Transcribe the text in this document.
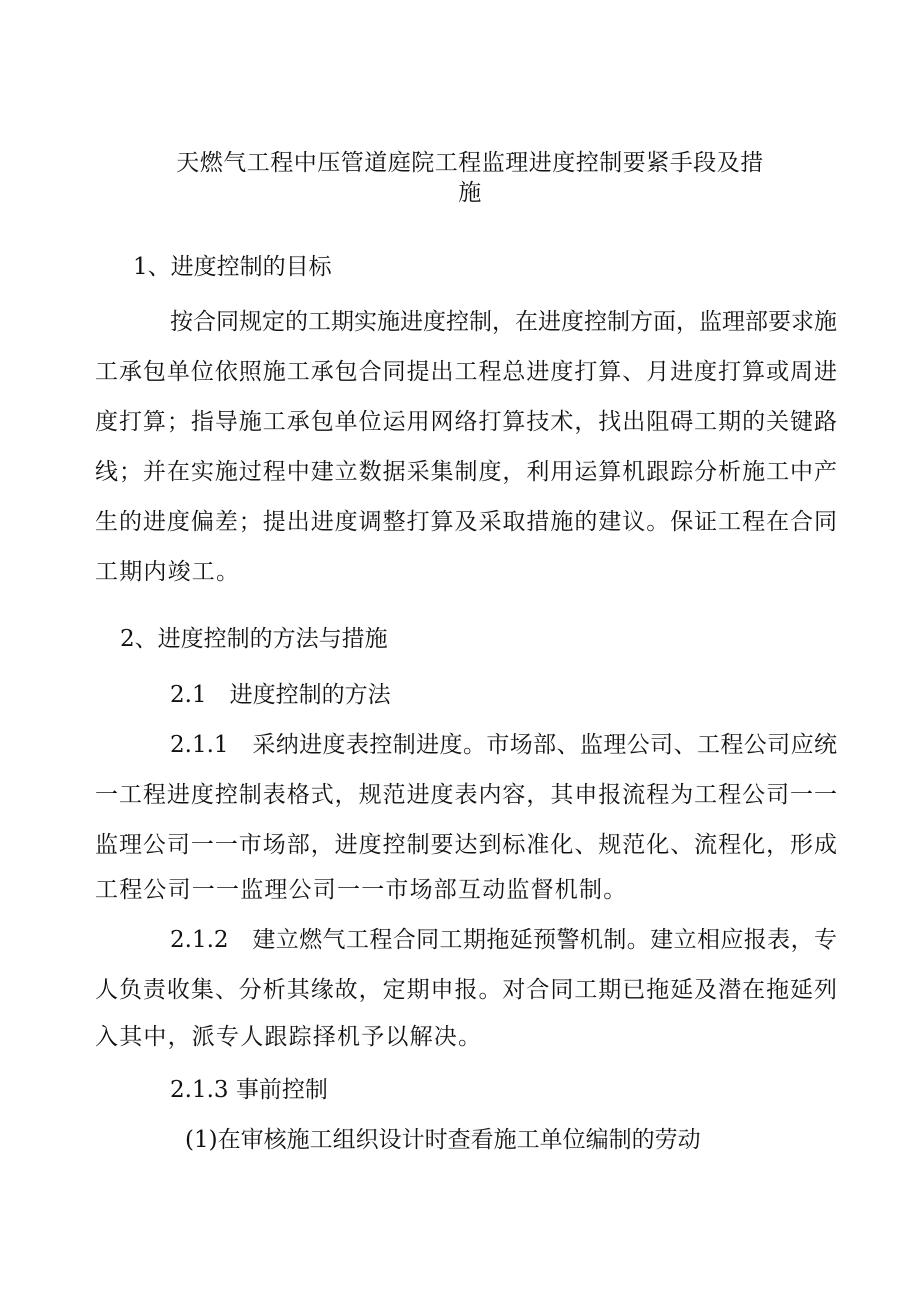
天燃气工程中压管道庭院工程监理进度控制要紧手段及措
施
1、进度控制的目标
按合同规定的工期实施进度控制，在进度控制方面，监理部要求施
工承包单位依照施工承包合同提出工程总进度打算、月进度打算或周进
度打算；指导施工承包单位运用网络打算技术，找出阻碍工期的关键路
线；并在实施过程中建立数据采集制度，利用运算机跟踪分析施工中产
生的进度偏差；提出进度调整打算及采取措施的建议。保证工程在合同
工期内竣工。
2、进度控制的方法与措施
2.1　进度控制的方法
2.1.1　采纳进度表控制进度。市场部、监理公司、工程公司应统
一工程进度控制表格式，规范进度表内容，其申报流程为工程公司一一
监理公司一一市场部，进度控制要达到标准化、规范化、流程化，形成
工程公司一一监理公司一一市场部互动监督机制。
2.1.2　建立燃气工程合同工期拖延预警机制。建立相应报表，专
人负责收集、分析其缘故，定期申报。对合同工期已拖延及潜在拖延列
入其中，派专人跟踪择机予以解决。
2.1.3 事前控制
(1)在审核施工组织设计时查看施工单位编制的劳动
